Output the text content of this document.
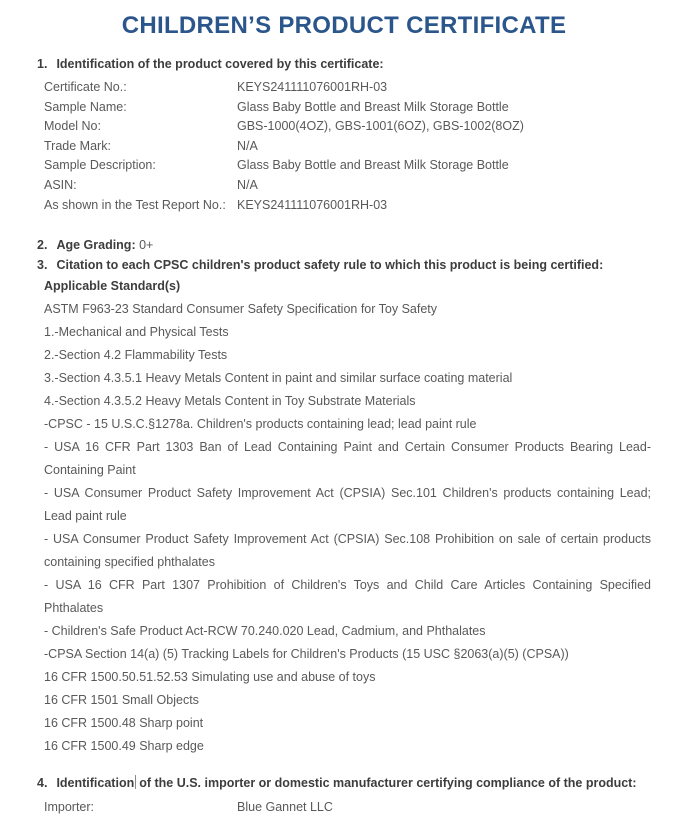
CHILDREN’S PRODUCT CERTIFICATE

1. Identification of the product covered by this certificate:

Certificate No.:	KEYS241111076001RH-03
Sample Name:	Glass Baby Bottle and Breast Milk Storage Bottle
Model No:	GBS-1000(4OZ), GBS-1001(6OZ), GBS-1002(8OZ)
Trade Mark:	N/A
Sample Description:	Glass Baby Bottle and Breast Milk Storage Bottle
ASIN:	N/A
As shown in the Test Report No.: KEYS241111076001RH-03

2. Age Grading: 0+

3. Citation to each CPSC children's product safety rule to which this product is being certified:

Applicable Standard(s)

ASTM F963-23 Standard Consumer Safety Specification for Toy Safety

1.-Mechanical and Physical Tests

2.-Section 4.2 Flammability Tests

3.-Section 4.3.5.1 Heavy Metals Content in paint and similar surface coating material

4.-Section 4.3.5.2 Heavy Metals Content in Toy Substrate Materials

-CPSC - 15 U.S.C.§1278a. Children's products containing lead; lead paint rule

- USA 16 CFR Part 1303 Ban of Lead Containing Paint and Certain Consumer Products Bearing Lead- Containing Paint

- USA Consumer Product Safety Improvement Act (CPSIA) Sec.101 Children's products containing Lead; Lead paint rule

- USA Consumer Product Safety Improvement Act (CPSIA) Sec.108 Prohibition on sale of certain products containing specified phthalates

- USA 16 CFR Part 1307 Prohibition of Children's Toys and Child Care Articles Containing Specified Phthalates

- Children's Safe Product Act-RCW 70.240.020 Lead, Cadmium, and Phthalates

-CPSA Section 14(a) (5) Tracking Labels for Children's Products (15 USC §2063(a)(5) (CPSA))

16 CFR 1500.50.51.52.53 Simulating use and abuse of toys

16 CFR 1501 Small Objects

16 CFR 1500.48 Sharp point

16 CFR 1500.49 Sharp edge

4. Identification of the U.S. importer or domestic manufacturer certifying compliance of the product:

Importer:	Blue Gannet LLC
